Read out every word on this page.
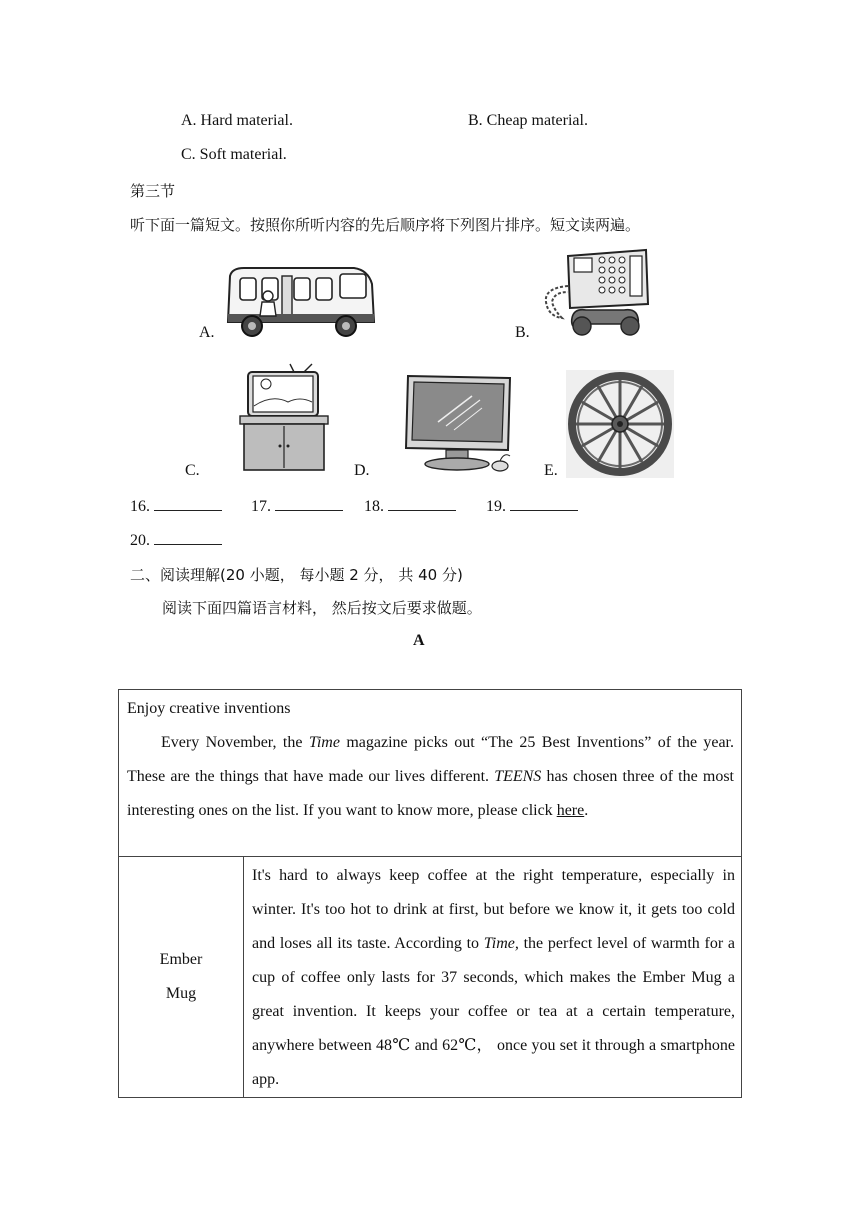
A. Hard material.	B. Cheap material.
C. Soft material.
第三节
听下面一篇短文。按照你所听内容的先后顺序将下列图片排序。短文读两遍。
A.	B.
C.	D.	E.
16.	17.	18.	19.
20.
二、阅读理解(20 小题， 每小题 2 分， 共 40 分)
阅读下面四篇语言材料， 然后按文后要求做题。
A
Enjoy creative inventions
Every November, the Time magazine picks out “The 25 Best Inventions” of the year. These are the things that have made our lives different. TEENS has chosen three of the most interesting ones on the list. If you want to know more, please click here.

Ember
Mug
	It's hard to always keep coffee at the right temperature, especially in winter. It's too hot to drink at first, but before we know it, it gets too cold and loses all its taste. According to Time, the perfect level of warmth for a cup of coffee only lasts for 37 seconds, which makes the Ember Mug a great invention. It keeps your coffee or tea at a certain temperature, anywhere between 48℃ and 62℃， once you set it through a smartphone app.
